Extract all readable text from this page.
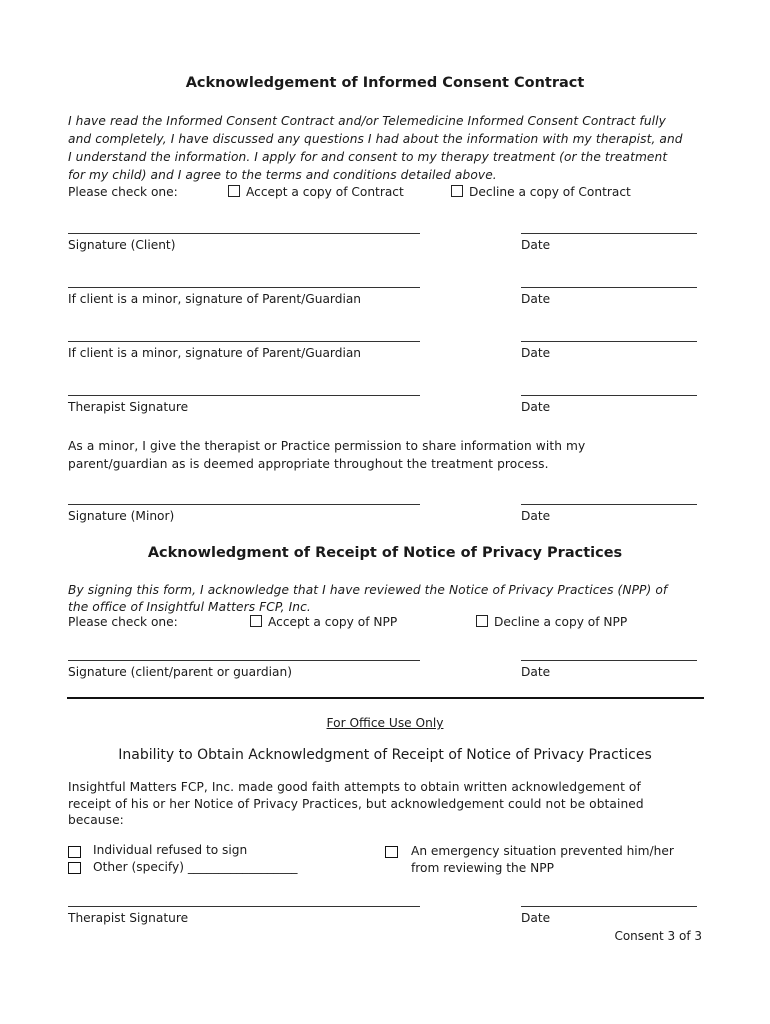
Acknowledgement of Informed Consent Contract
I have read the Informed Consent Contract and/or Telemedicine Informed Consent Contract fully
and completely, I have discussed any questions I had about the information with my therapist, and
I understand the information. I apply for and consent to my therapy treatment (or the treatment
for my child) and I agree to the terms and conditions detailed above.
Please check one:	Accept a copy of Contract	Decline a copy of Contract
Signature (Client)	Date
If client is a minor, signature of Parent/Guardian	Date
If client is a minor, signature of Parent/Guardian	Date
Therapist Signature	Date
As a minor, I give the therapist or Practice permission to share information with my
parent/guardian as is deemed appropriate throughout the treatment process.
Signature (Minor)	Date
Acknowledgment of Receipt of Notice of Privacy Practices
By signing this form, I acknowledge that I have reviewed the Notice of Privacy Practices (NPP) of
the office of Insightful Matters FCP, Inc.
Please check one:	Accept a copy of NPP	Decline a copy of NPP
Signature (client/parent or guardian)	Date
For Office Use Only
Inability to Obtain Acknowledgment of Receipt of Notice of Privacy Practices
Insightful Matters FCP, Inc. made good faith attempts to obtain written acknowledgement of
receipt of his or her Notice of Privacy Practices, but acknowledgement could not be obtained
because:
Individual refused to sign
Other (specify) __________________
An emergency situation prevented him/her
from reviewing the NPP
Therapist Signature	Date
Consent 3 of 3
